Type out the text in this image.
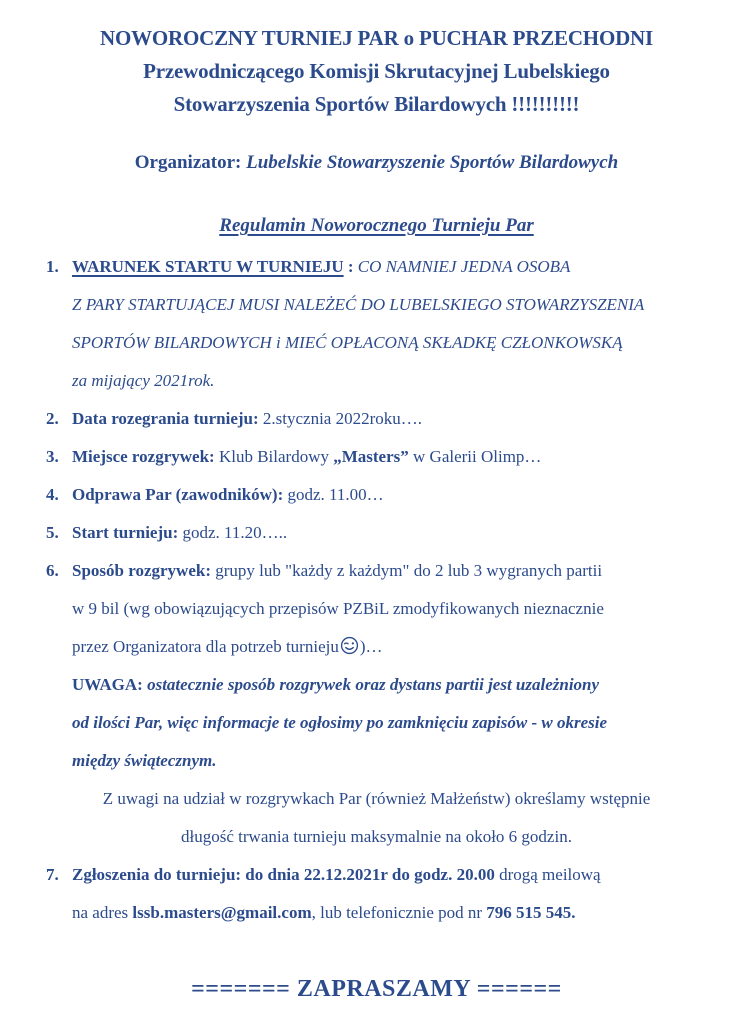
NOWOROCZNY TURNIEJ PAR o PUCHAR PRZECHODNI
Przewodniczącego Komisji Skrutacyjnej Lubelskiego
Stowarzyszenia Sportów Bilardowych !!!!!!!!!!
Organizator: Lubelskie Stowarzyszenie Sportów Bilardowych
Regulamin Noworocznego Turnieju Par
1. WARUNEK STARTU W TURNIEJU : CO NAMNIEJ JEDNA OSOBA
Z PARY STARTUJĄCEJ MUSI NALEŻEĆ DO LUBELSKIEGO STOWARZYSZENIA
SPORTÓW BILARDOWYCH i MIEĆ OPŁACONĄ SKŁADKĘ CZŁONKOWSKĄ
za mijający 2021rok.
2. Data rozegrania turnieju: 2.stycznia 2022roku….
3. Miejsce rozgrywek: Klub Bilardowy „Masters” w Galerii Olimp…
4. Odprawa Par (zawodników): godz. 11.00…
5. Start turnieju: godz. 11.20…..
6. Sposób rozgrywek: grupy lub "każdy z każdym" do 2 lub 3 wygranych partii
w 9 bil (wg obowiązujących przepisów PZBiL zmodyfikowanych nieznacznie
przez Organizatora dla potrzeb turnieju )…
UWAGA: ostatecznie sposób rozgrywek oraz dystans partii jest uzależniony
od ilości Par, więc informacje te ogłosimy po zamknięciu zapisów - w okresie
między świątecznym.
Z uwagi na udział w rozgrywkach Par (również Małżeństw) określamy wstępnie
długość trwania turnieju maksymalnie na około 6 godzin.
7. Zgłoszenia do turnieju: do dnia 22.12.2021r do godz. 20.00 drogą meilową
na adres lssb.masters@gmail.com, lub telefonicznie pod nr 796 515 545.
======= ZAPRASZAMY ======
